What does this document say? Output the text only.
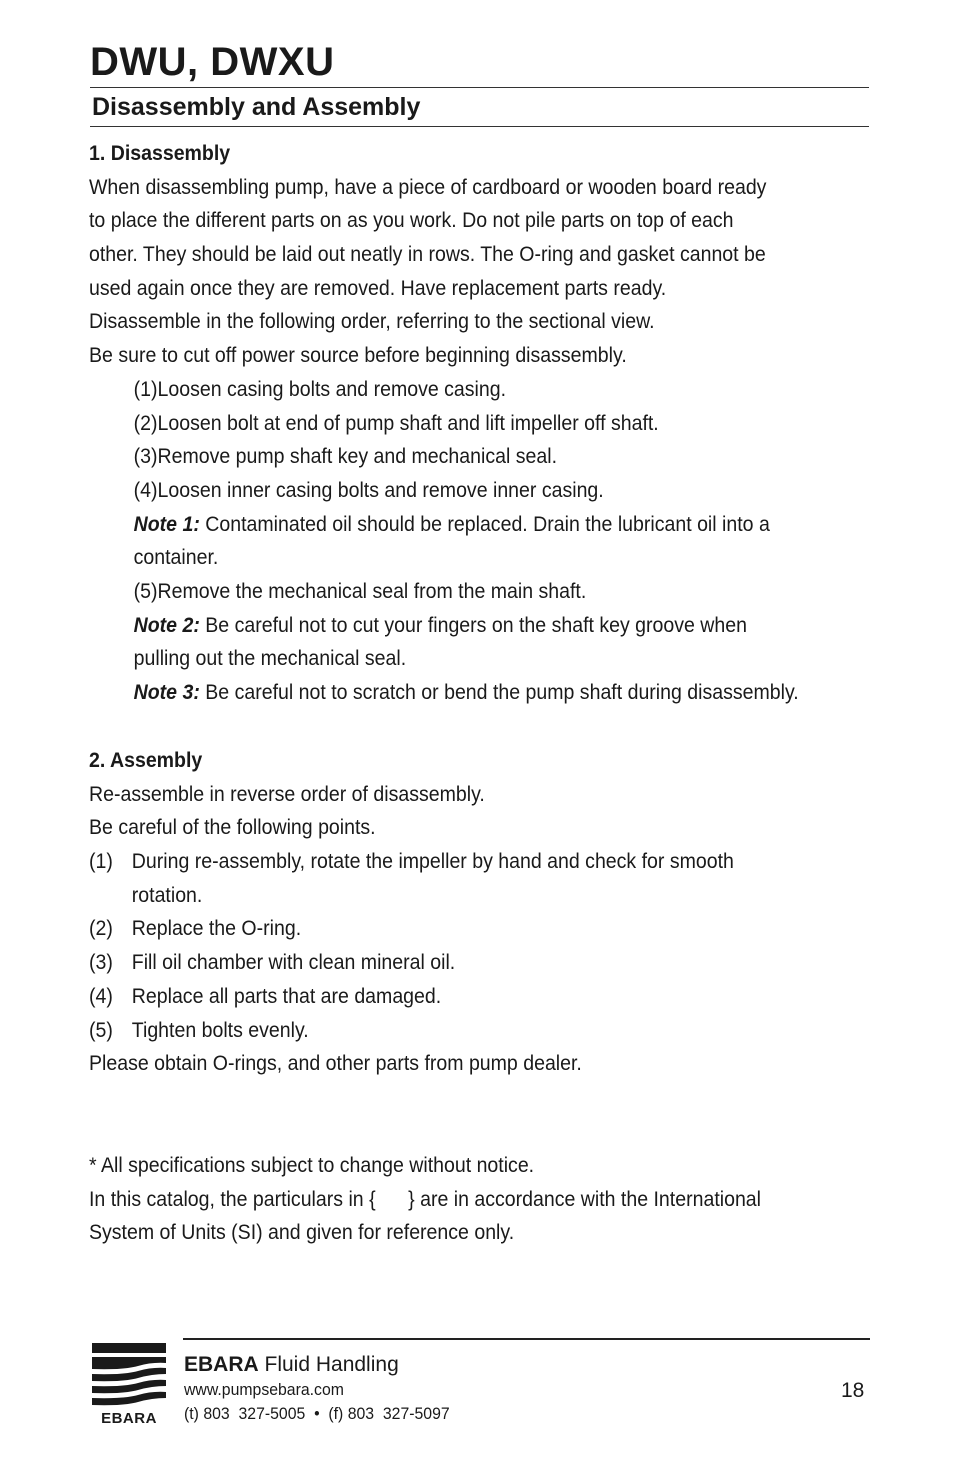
DWU, DWXU
Disassembly and Assembly
1. Disassembly
When disassembling pump, have a piece of cardboard or wooden board ready
to place the different parts on as you work. Do not pile parts on top of each
other. They should be laid out neatly in rows. The O-ring and gasket cannot be
used again once they are removed. Have replacement parts ready.
Disassemble in the following order, referring to the sectional view.
Be sure to cut off power source before beginning disassembly.
(1)Loosen casing bolts and remove casing.
(2)Loosen bolt at end of pump shaft and lift impeller off shaft.
(3)Remove pump shaft key and mechanical seal.
(4)Loosen inner casing bolts and remove inner casing.
Note 1: Contaminated oil should be replaced. Drain the lubricant oil into a
container.
(5)Remove the mechanical seal from the main shaft.
Note 2: Be careful not to cut your fingers on the shaft key groove when
pulling out the mechanical seal.
Note 3: Be careful not to scratch or bend the pump shaft during disassembly.
2. Assembly
Re-assemble in reverse order of disassembly.
Be careful of the following points.
(1) During re-assembly, rotate the impeller by hand and check for smooth
rotation.
(2) Replace the O-ring.
(3) Fill oil chamber with clean mineral oil.
(4) Replace all parts that are damaged.
(5) Tighten bolts evenly.
Please obtain O-rings, and other parts from pump dealer.
* All specifications subject to change without notice.
In this catalog, the particulars in {      } are in accordance with the International
System of Units (SI) and given for reference only.
EBARA
EBARA Fluid Handling
www.pumpsebara.com
(t) 803  327-5005  •  (f) 803  327-5097
18
